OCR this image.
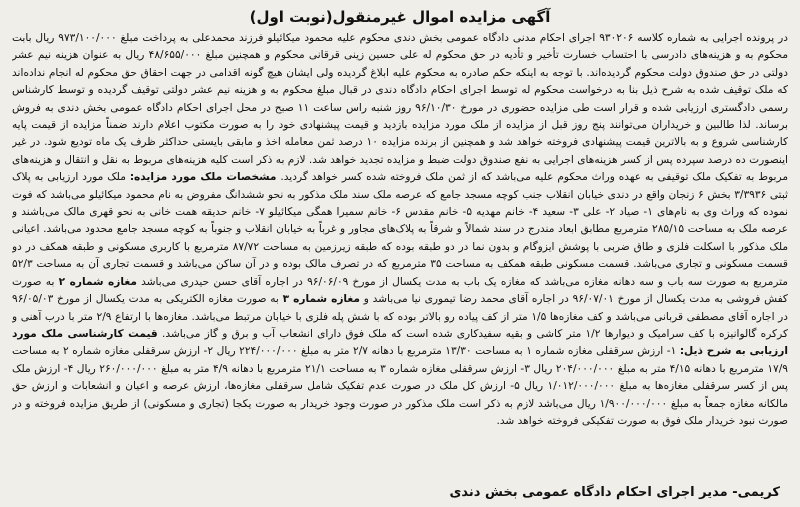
آگهی مزایده اموال غیرمنقول(نوبت اول)

در پرونده اجرایی به شماره کلاسه ۹۳۰۲۰۶ اجرای احکام مدنی دادگاه عمومی بخش دندی محکوم علیه محمود میکائیلو فرزند محمدعلی به پرداخت مبلغ ۹۷۳/۱۰۰/۰۰۰ ریال بابت محکوم به و هزینه‌های دادرسی با احتساب خسارت تأخیر و تأدیه در حق محکوم له علی حسین زینی قرقانی محکوم و همچنین مبلغ ۴۸/۶۵۵/۰۰۰ ریال به عنوان هزینه نیم عشر دولتی در حق صندوق دولت محکوم گردیده‌اند. با توجه به اینکه حکم صادره به محکوم علیه ابلاغ گردیده ولی ایشان هیچ گونه اقدامی در جهت احقاق حق محکوم له انجام نداده‌اند که ملک توقیف شده به شرح ذیل بنا به درخواست محکوم له توسط اجرای احکام دادگاه دندی در قبال مبلغ محکوم به و هزینه نیم عشر دولتی توقیف گردیده و توسط کارشناس رسمی دادگستری ارزیابی شده و قرار است طی مزایده حضوری در مورخ ۹۶/۱۰/۳۰ روز شنبه راس ساعت ۱۱ صبح در محل اجرای احکام دادگاه عمومی بخش دندی به فروش برساند. لذا طالبین و خریداران می‌توانند پنج روز قبل از مزایده از ملک مورد مزایده بازدید و قیمت پیشنهادی خود را به صورت مکتوب اعلام دارند ضمناً مزایده از قیمت پایه کارشناسی شروع و به بالاترین قیمت پیشنهادی فروخته خواهد شد و همچنین از برنده مزایده ۱۰ درصد ثمن معامله اخذ و مابقی بایستی حداکثر ظرف یک ماه تودیع شود. در غیر اینصورت ده درصد سپرده پس از کسر هزینه‌های اجرایی به نفع صندوق دولت ضبط و مزایده تجدید خواهد شد. لازم به ذکر است کلیه هزینه‌های مربوط به نقل و انتقال و هزینه‌های مربوط به تفکیک ملک توقیفی به عهده وراث محکوم علیه می‌باشد که از ثمن ملک فروخته شده کسر خواهد گردید. مشخصات ملک مورد مزایده: ملک مورد ارزیابی به پلاک ثبتی ۳/۳۹۳۶ بخش ۶ زنجان واقع در دندی خیابان انقلاب جنب کوچه مسجد جامع که عرصه ملک سند ملک مذکور به نحو ششدانگ مفروض به نام محمود میکائیلو می‌باشد که فوت نموده که وراث وی به نام‌های ۱- صیاد ۲- علی ۳- سعید ۴- خانم مهدیه ۵- خانم مقدس ۶- خانم سمیرا همگی میکائیلو ۷- خانم حدیقه همت خانی به نحو قهری مالک می‌باشند و عرصه ملک به مساحت ۲۸۵/۱۵ مترمربع مطابق ابعاد مندرج در سند شمالاً و شرقاً به پلاک‌های مجاور و غرباً به خیابان انقلاب و جنوباً به کوچه مسجد جامع محدود می‌باشد. اعیانی ملک مذکور با اسکلت فلزی و طاق ضربی با پوشش ایزوگام و بدون نما در دو طبقه بوده که طبقه زیرزمین به مساحت ۸۷/۷۲ مترمربع با کاربری مسکونی و طبقه همکف در دو قسمت مسکونی و تجاری می‌باشد. قسمت مسکونی طبقه همکف به مساحت ۳۵ مترمربع که در تصرف مالک بوده و در آن ساکن می‌باشد و قسمت تجاری آن به مساحت ۵۲/۳ مترمربع به صورت سه باب و سه دهانه مغازه می‌باشد که مغازه یک باب به مدت یکسال از مورخ ۹۶/۰۶/۰۹ در اجاره آقای حسن حیدری می‌باشد مغازه شماره ۲ به صورت کفش فروشی به مدت یکسال از مورخ ۹۶/۰۷/۰۱ در اجاره آقای محمد رضا تیموری نیا می‌باشد و مغازه شماره ۳ به صورت مغازه الکتریکی به مدت یکسال از مورخ ۹۶/۰۵/۰۳ در اجاره آقای مصطفی قربانی می‌باشد و کف مغازه‌ها ۱/۵ متر از کف پیاده رو بالاتر بوده که با شش پله فلزی با خیابان مرتبط می‌باشد. مغازه‌ها با ارتفاع ۲/۹ متر با درب آهنی و کرکره گالوانیزه با کف سرامیک و دیوارها ۱/۲ متر کاشی و بقیه سفیدکاری شده است که ملک فوق دارای انشعاب آب و برق و گاز می‌باشد. قیمت کارشناسی ملک مورد ارزیابی به شرح ذیل: ۱- ارزش سرقفلی مغازه شماره ۱ به مساحت ۱۳/۳۰ مترمربع با دهانه ۲/۷ متر به مبلغ ۲۲۴/۰۰۰/۰۰۰ ریال ۲- ارزش سرقفلی مغازه شماره ۲ به مساحت ۱۷/۹ مترمربع با دهانه ۴/۱۵ متر به مبلغ ۲۰۴/۰۰۰/۰۰۰ ریال ۳- ارزش سرقفلی مغازه شماره ۳ به مساحت ۲۱/۱ مترمربع با دهانه ۴/۹ متر به مبلغ ۲۶۰/۰۰۰/۰۰۰ ریال ۴- ارزش ملک پس از کسر سرقفلی مغازه‌ها به مبلغ ۱/۰۱۲/۰۰۰/۰۰۰ ریال ۵- ارزش کل ملک در صورت عدم تفکیک شامل سرقفلی مغازه‌ها، ارزش عرصه و اعیان و انشعابات و ارزش حق مالکانه مغازه جمعاً به مبلغ ۱/۹۰۰/۰۰۰/۰۰۰ ریال می‌باشد لازم به ذکر است ملک مذکور در صورت وجود خریدار به صورت یکجا (تجاری و مسکونی) از طریق مزایده فروخته و در صورت نبود خریدار ملک فوق به صورت تفکیکی فروخته خواهد شد.

کریمی- مدیر اجرای احکام دادگاه عمومی بخش دندی
